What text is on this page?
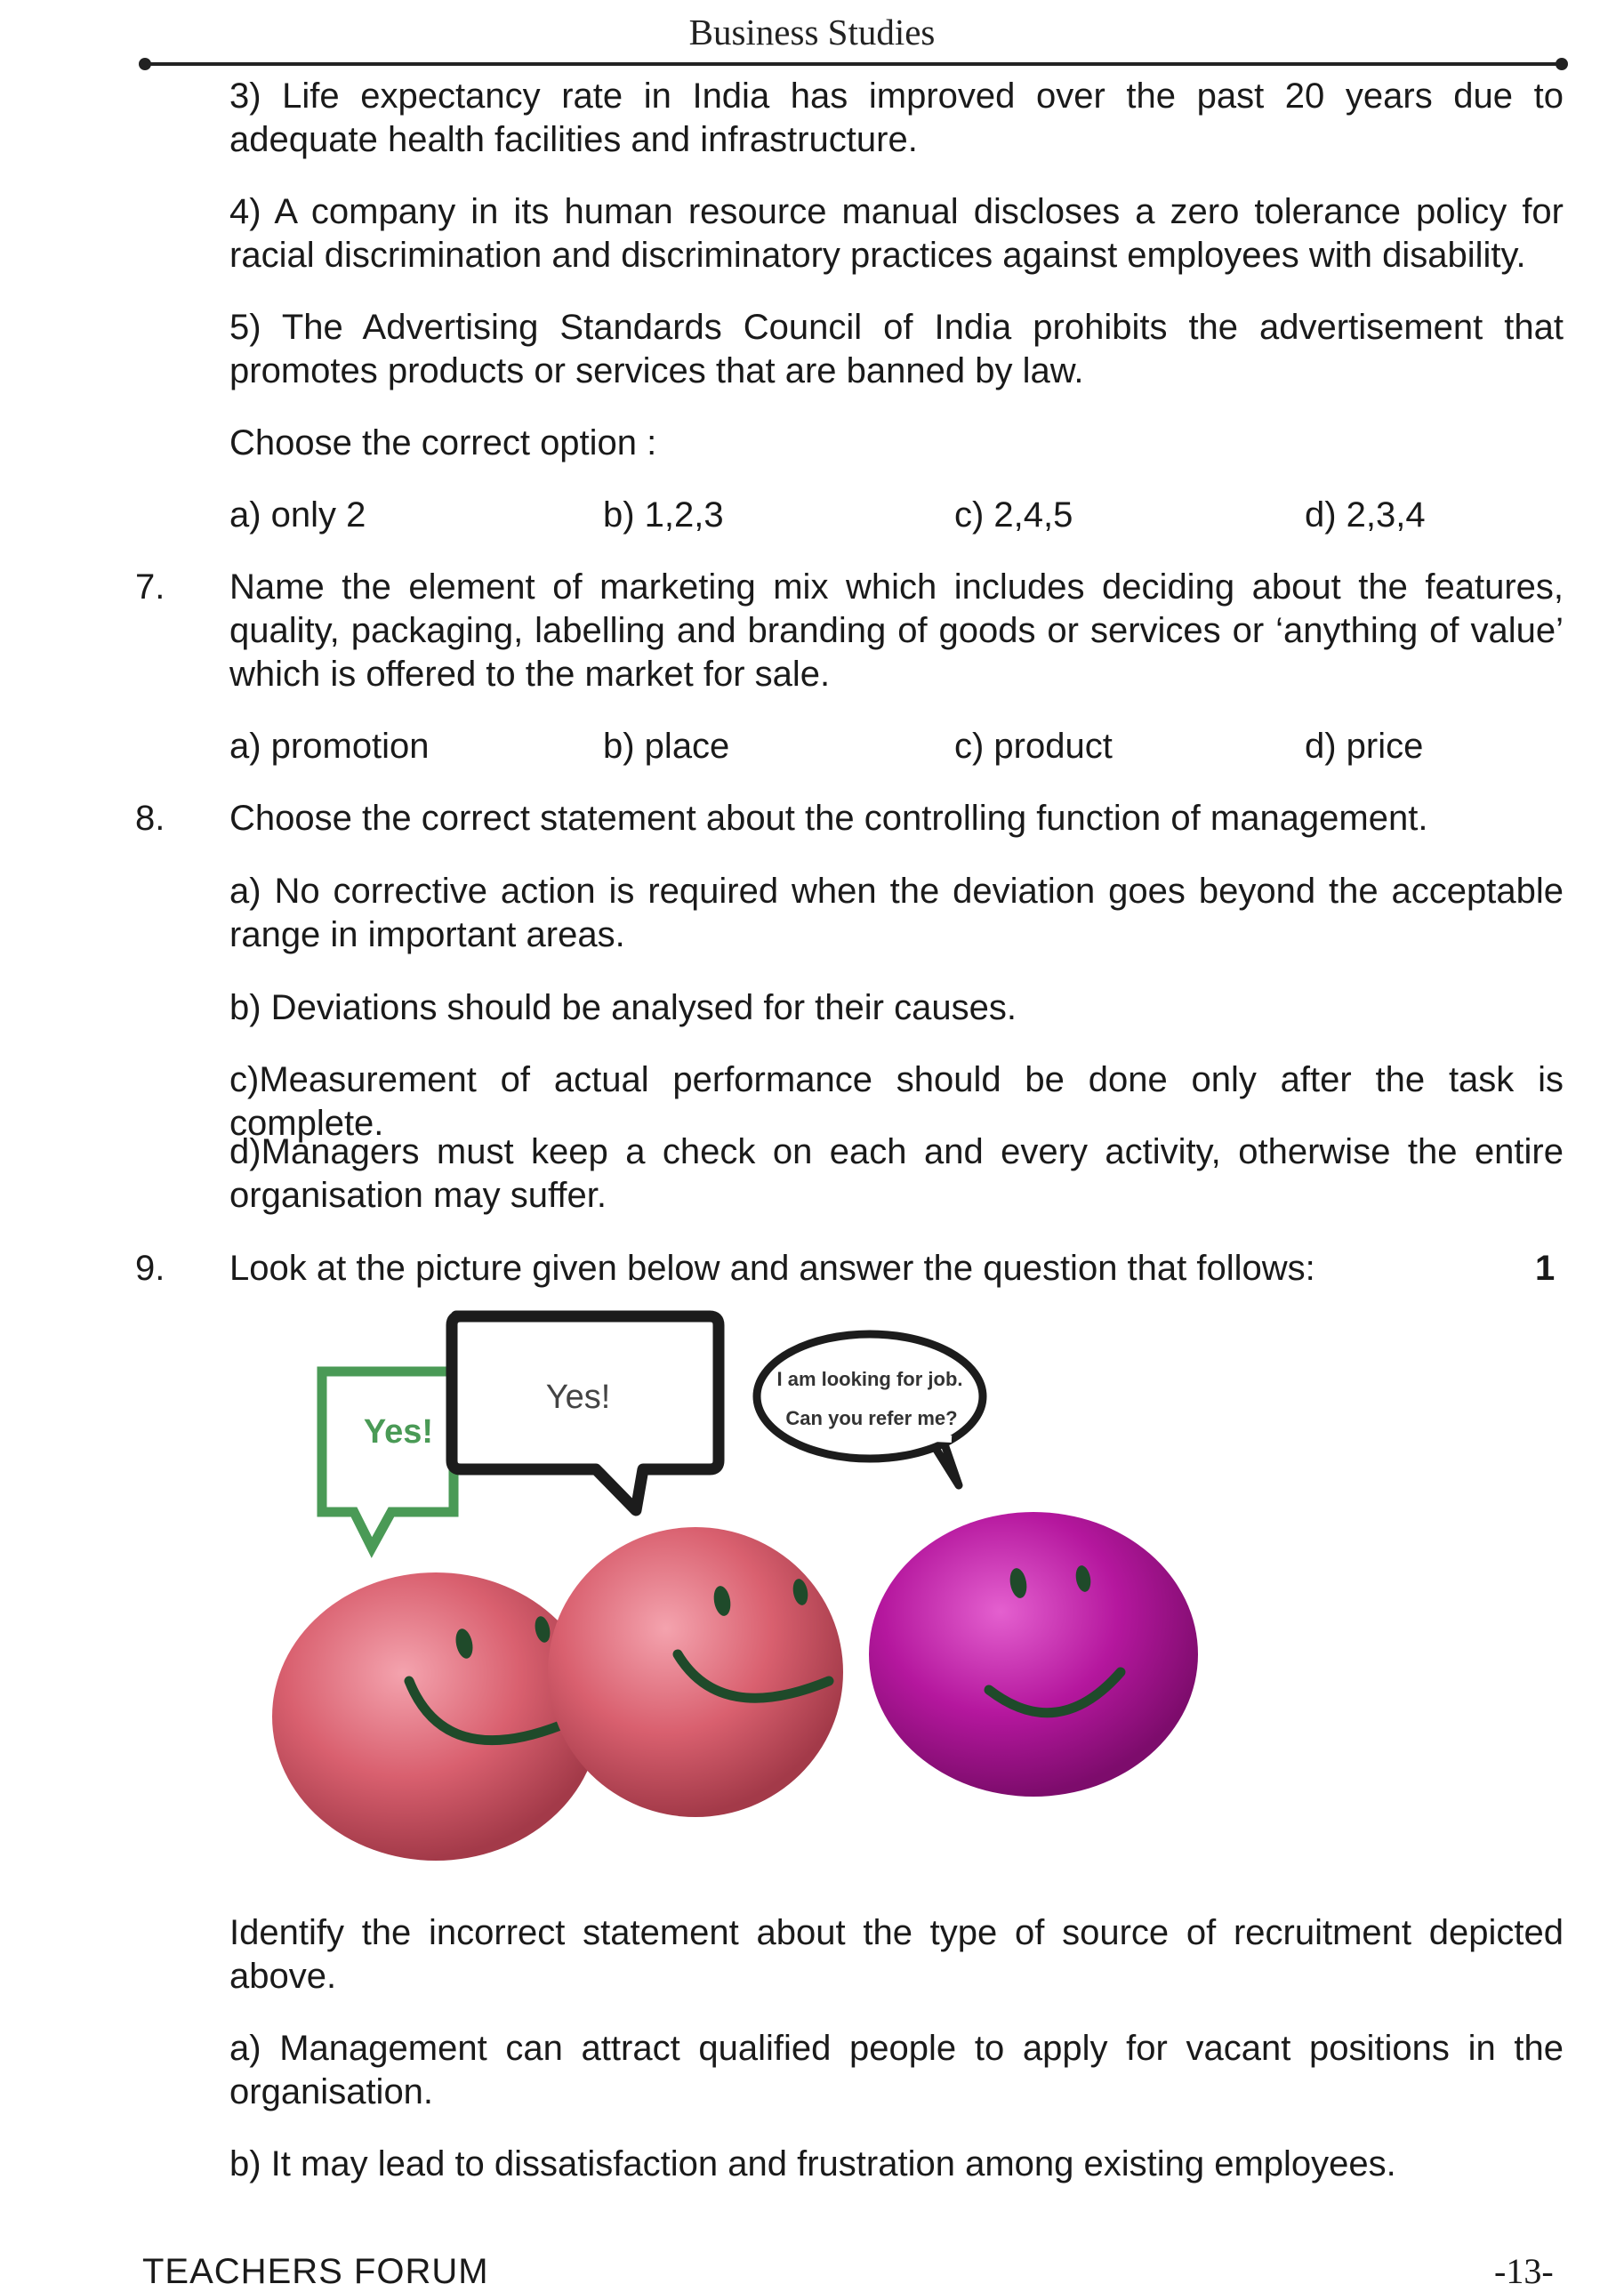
Business Studies
3) Life expectancy rate in India has improved over the past 20 years due to adequate health facilities and infrastructure.
4) A company in its human resource manual discloses a zero tolerance policy for racial discrimination and discriminatory practices against employees with disability.
5) The Advertising Standards Council of India prohibits the advertisement that promotes products or services that are banned by law.
Choose the correct option :
a) only 2	b) 1,2,3	c) 2,4,5	d) 2,3,4
7. Name the element of marketing mix which includes deciding about the features, quality, packaging, labelling and branding of goods or services or ‘anything of value’ which is offered to the market for sale.
a) promotion	b) place	c) product	d) price
8. Choose the correct statement about the controlling function of management.
a) No corrective action is required when the deviation goes beyond the acceptable range in important areas.
b) Deviations should be analysed for their causes.
c)Measurement of actual performance should be done only after the task is complete.
d)Managers must keep a check on each and every activity, otherwise the entire organisation may suffer.
9. Look at the picture given below and answer the question that follows:	1
Yes!
Yes!	I am looking for job.
Can you refer me?
Identify the incorrect statement about the type of source of recruitment depicted above.
a) Management can attract qualified people to apply for vacant positions in the organisation.
b) It may lead to dissatisfaction and frustration among existing employees.
TEACHERS FORUM	-13-
